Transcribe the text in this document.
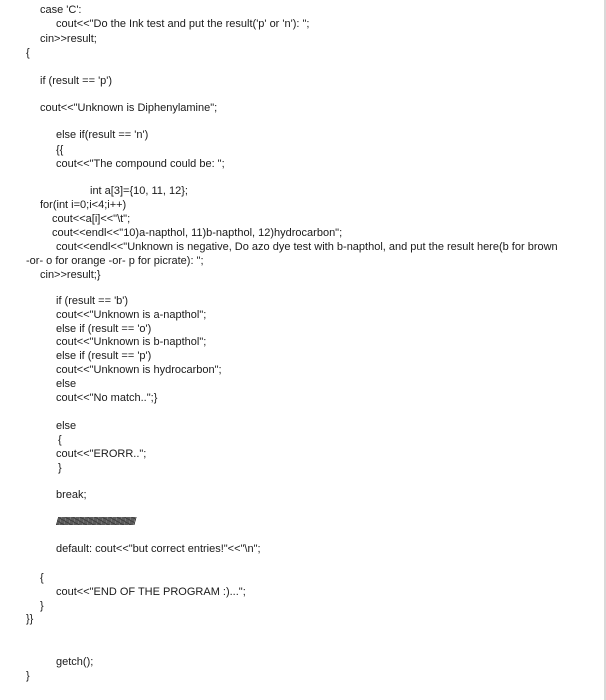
case 'C':
cout<<"Do the Ink test and put the result('p' or 'n'): ";
cin>>result;
{
if (result == 'p')
cout<<"Unknown is Diphenylamine";
else if(result == 'n')
{{
cout<<"The compound could be: ";
int a[3]={10, 11, 12};
for(int i=0;i<4;i++)
cout<<a[i]<<"\t";
cout<<endl<<"10)a-napthol, 11)b-napthol, 12)hydrocarbon";
cout<<endl<<"Unknown is negative, Do azo dye test with b-napthol, and put the result here(b for brown
-or- o for orange -or- p for picrate): ";
cin>>result;}
if (result == 'b')
cout<<"Unknown is a-napthol";
else if (result == 'o')
cout<<"Unknown is b-napthol";
else if (result == 'p')
cout<<"Unknown is hydrocarbon";
else
cout<<"No match..";}
else
{
cout<<"ERORR..";
}
break;
////////////////////////////////////////////////////////////////////
default: cout<<"but correct entries!"<<"\n";
{
cout<<"END OF THE PROGRAM :)...";
}
}}
getch();
}
